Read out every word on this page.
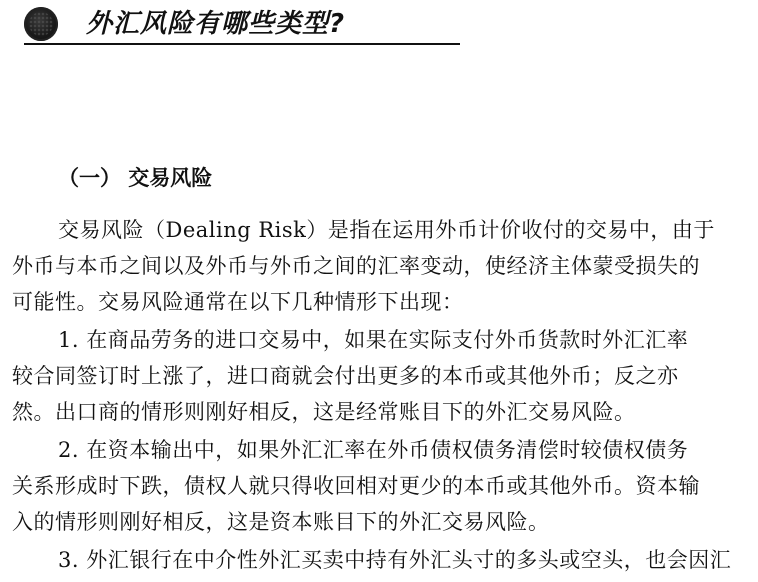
外汇风险有哪些类型?
（一） 交易风险

交易风险（Dealing Risk）是指在运用外币计价收付的交易中，由于
外币与本币之间以及外币与外币之间的汇率变动，使经济主体蒙受损失的
可能性。交易风险通常在以下几种情形下出现：

1. 在商品劳务的进口交易中，如果在实际支付外币货款时外汇汇率
较合同签订时上涨了，进口商就会付出更多的本币或其他外币；反之亦
然。出口商的情形则刚好相反，这是经常账目下的外汇交易风险。

2. 在资本输出中，如果外汇汇率在外币债权债务清偿时较债权债务
关系形成时下跌，债权人就只得收回相对更少的本币或其他外币。资本输
入的情形则刚好相反，这是资本账目下的外汇交易风险。

3. 外汇银行在中介性外汇买卖中持有外汇头寸的多头或空头，也会因汇
